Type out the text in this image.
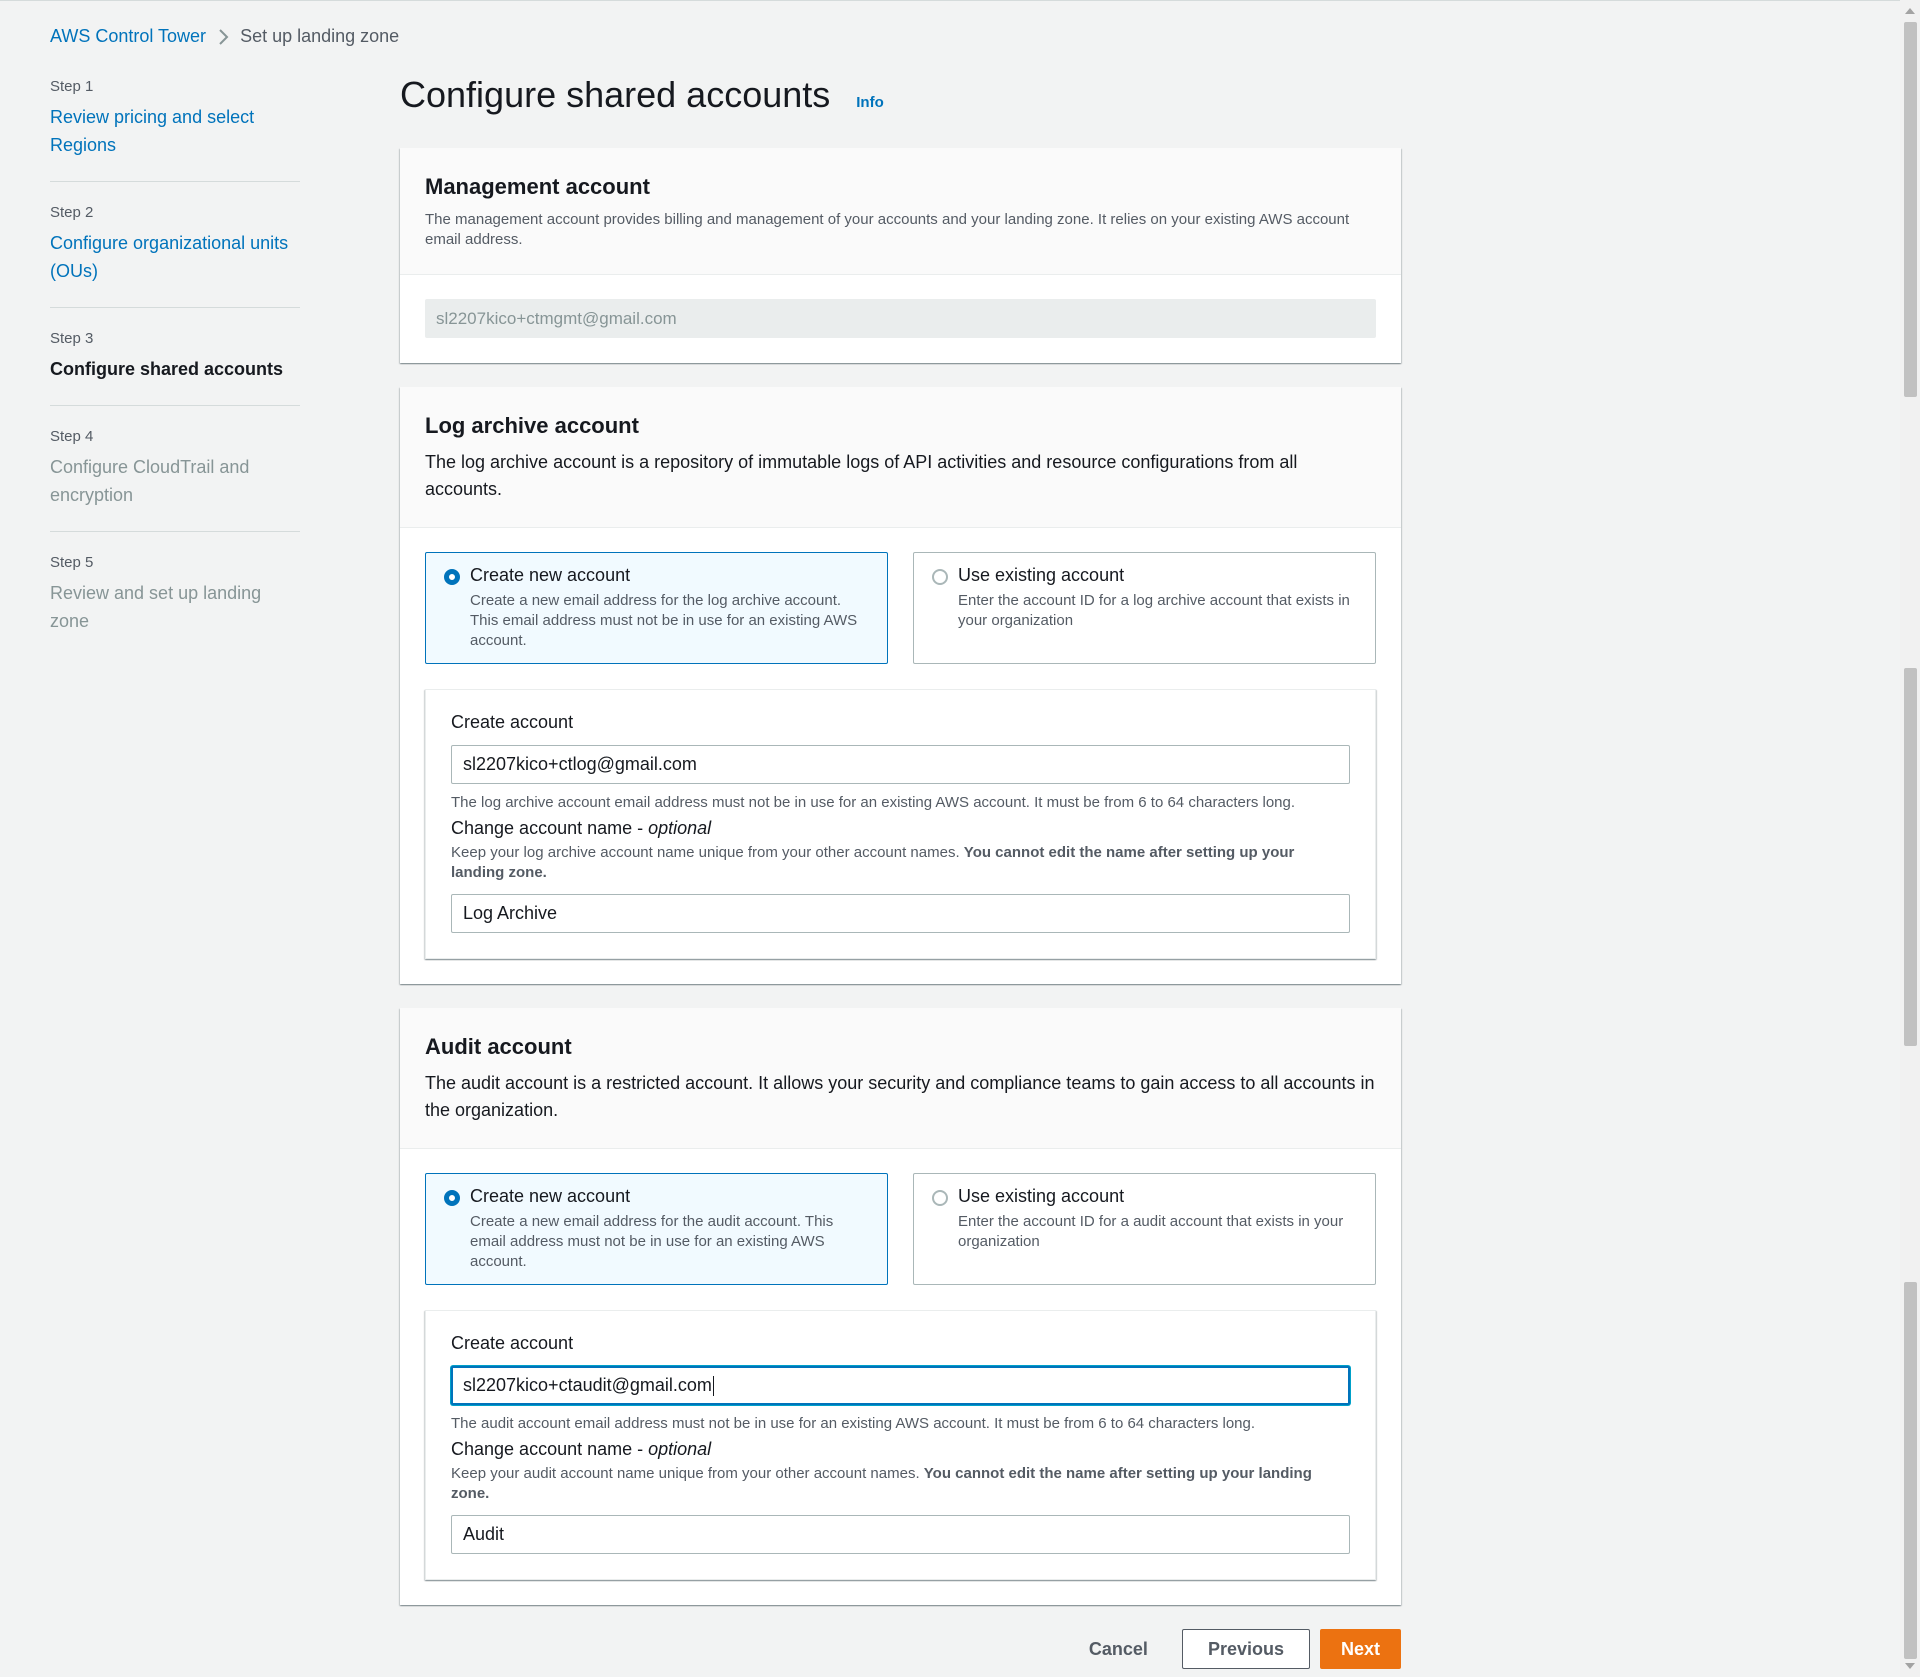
AWS Control Tower Set up landing zone
Step 1
Review pricing and select Regions
Step 2
Configure organizational units (OUs)
Step 3
Configure shared accounts
Step 4
Configure CloudTrail and encryption
Step 5
Review and set up landing zone
Configure shared accounts Info
Management account
The management account provides billing and management of your accounts and your landing zone. It relies on your existing AWS account email address.
sl2207kico+ctmgmt@gmail.com
Log archive account
The log archive account is a repository of immutable logs of API activities and resource configurations from all accounts.
Create new account
Create a new email address for the log archive account. This email address must not be in use for an existing AWS account.
Use existing account
Enter the account ID for a log archive account that exists in your organization
Create account
sl2207kico+ctlog@gmail.com
The log archive account email address must not be in use for an existing AWS account. It must be from 6 to 64 characters long.
Change account name - optional
Keep your log archive account name unique from your other account names. You cannot edit the name after setting up your landing zone.
Log Archive
Audit account
The audit account is a restricted account. It allows your security and compliance teams to gain access to all accounts in the organization.
Create new account
Create a new email address for the audit account. This email address must not be in use for an existing AWS account.
Use existing account
Enter the account ID for a audit account that exists in your organization
Create account
sl2207kico+ctaudit@gmail.com
The audit account email address must not be in use for an existing AWS account. It must be from 6 to 64 characters long.
Change account name - optional
Keep your audit account name unique from your other account names. You cannot edit the name after setting up your landing zone.
Audit
Cancel	Previous	Next
